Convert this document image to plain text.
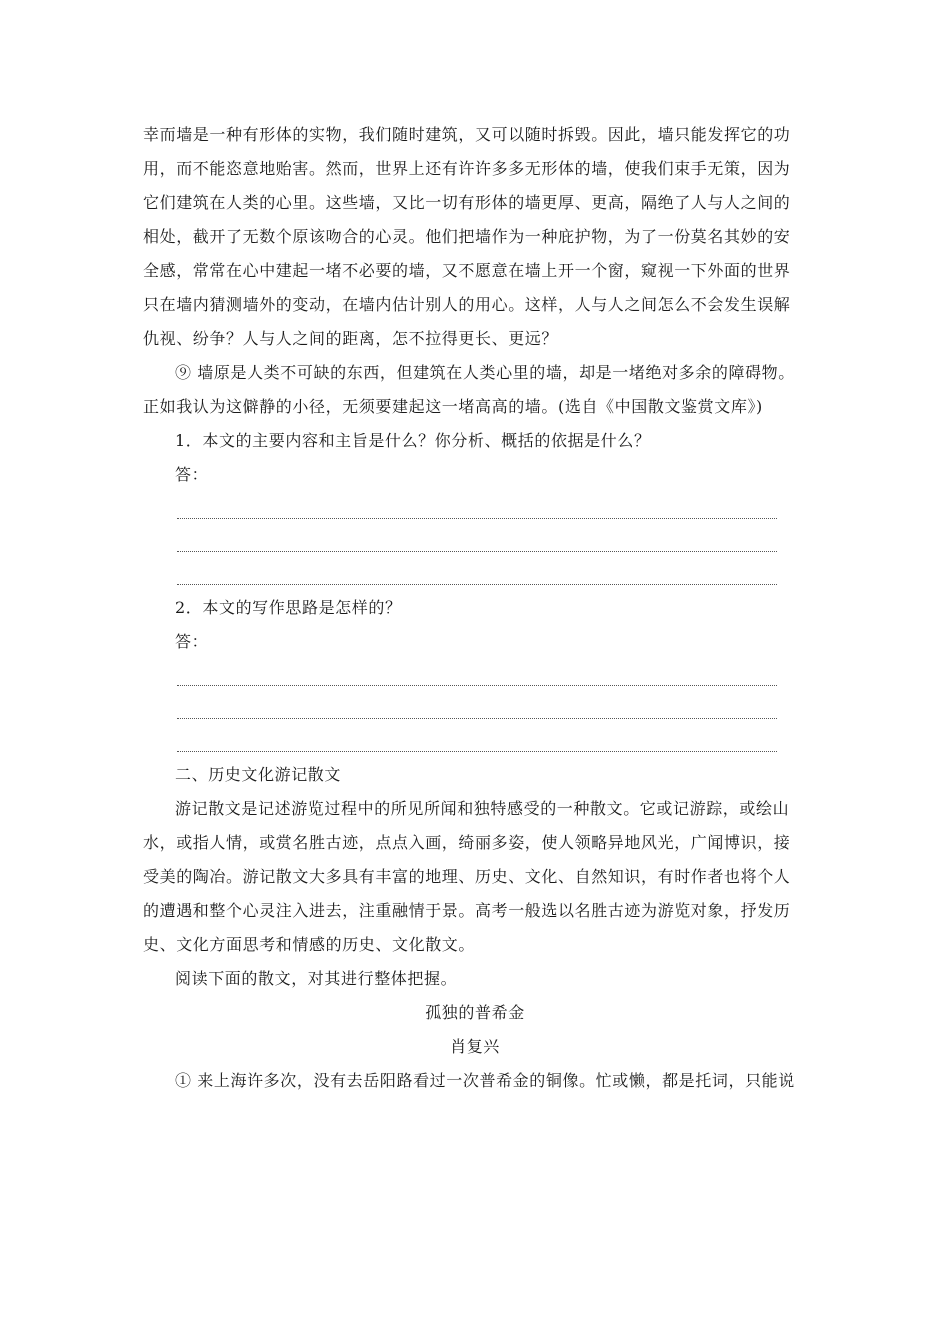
幸而墙是一种有形体的实物，我们随时建筑，又可以随时拆毁。因此，墙只能发挥它的功
用，而不能恣意地贻害。然而，世界上还有许许多多无形体的墙，使我们束手无策，因为
它们建筑在人类的心里。这些墙，又比一切有形体的墙更厚、更高，隔绝了人与人之间的
相处，截开了无数个原该吻合的心灵。他们把墙作为一种庇护物，为了一份莫名其妙的安
全感，常常在心中建起一堵不必要的墙，又不愿意在墙上开一个窗，窥视一下外面的世界
只在墙内猜测墙外的变动，在墙内估计别人的用心。这样，人与人之间怎么不会发生误解
仇视、纷争？人与人之间的距离，怎不拉得更长、更远？
⑨ 墙原是人类不可缺的东西，但建筑在人类心里的墙，却是一堵绝对多余的障碍物。
正如我认为这僻静的小径，无须要建起这一堵高高的墙。(选自《中国散文鉴赏文库》)
1．本文的主要内容和主旨是什么？你分析、概括的依据是什么？
答：
2．本文的写作思路是怎样的？
答：
二、历史文化游记散文
游记散文是记述游览过程中的所见所闻和独特感受的一种散文。它或记游踪，或绘山
水，或指人情，或赏名胜古迹，点点入画，绮丽多姿，使人领略异地风光，广闻博识，接
受美的陶冶。游记散文大多具有丰富的地理、历史、文化、自然知识，有时作者也将个人
的遭遇和整个心灵注入进去，注重融情于景。高考一般选以名胜古迹为游览对象，抒发历
史、文化方面思考和情感的历史、文化散文。
阅读下面的散文，对其进行整体把握。
孤独的普希金
肖复兴
① 来上海许多次，没有去岳阳路看过一次普希金的铜像。忙或懒，都是托词，只能说
